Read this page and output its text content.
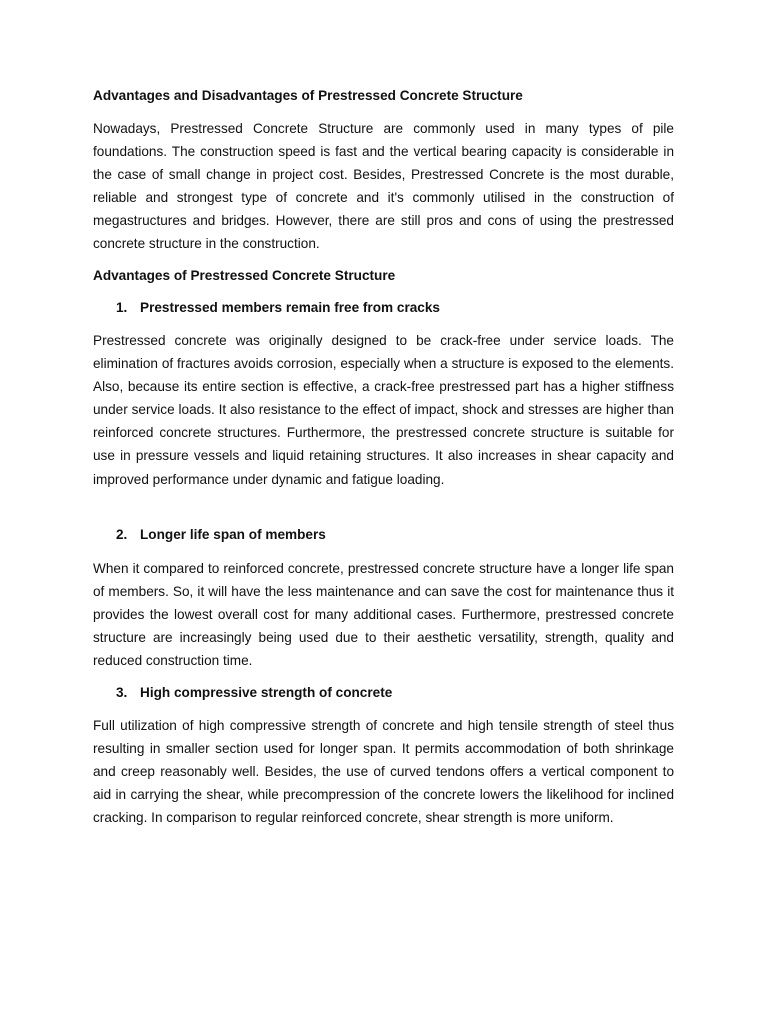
Advantages and Disadvantages of Prestressed Concrete Structure

Nowadays, Prestressed Concrete Structure are commonly used in many types of pile foundations. The construction speed is fast and the vertical bearing capacity is considerable in the case of small change in project cost. Besides, Prestressed Concrete is the most durable, reliable and strongest type of concrete and it's commonly utilised in the construction of megastructures and bridges. However, there are still pros and cons of using the prestressed concrete structure in the construction.

Advantages of Prestressed Concrete Structure
1. Prestressed members remain free from cracks

Prestressed concrete was originally designed to be crack-free under service loads. The elimination of fractures avoids corrosion, especially when a structure is exposed to the elements. Also, because its entire section is effective, a crack-free prestressed part has a higher stiffness under service loads. It also resistance to the effect of impact, shock and stresses are higher than reinforced concrete structures. Furthermore, the prestressed concrete structure is suitable for use in pressure vessels and liquid retaining structures. It also increases in shear capacity and improved performance under dynamic and fatigue loading.

2. Longer life span of members

When it compared to reinforced concrete, prestressed concrete structure have a longer life span of members. So, it will have the less maintenance and can save the cost for maintenance thus it provides the lowest overall cost for many additional cases. Furthermore, prestressed concrete structure are increasingly being used due to their aesthetic versatility, strength, quality and reduced construction time.

3. High compressive strength of concrete

Full utilization of high compressive strength of concrete and high tensile strength of steel thus resulting in smaller section used for longer span. It permits accommodation of both shrinkage and creep reasonably well. Besides, the use of curved tendons offers a vertical component to aid in carrying the shear, while precompression of the concrete lowers the likelihood for inclined cracking. In comparison to regular reinforced concrete, shear strength is more uniform.
